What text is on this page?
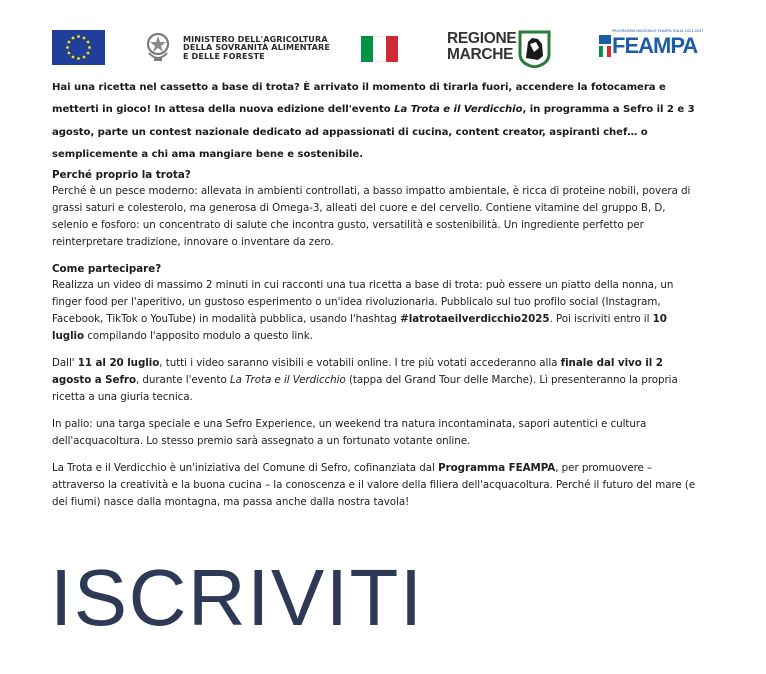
MINISTERO DELL'AGRICOLTURA
DELLA SOVRANITÀ ALIMENTARE
E DELLE FORESTE
REGIONE
MARCHE
PROGRAMMA NAZIONALE FEAMPA ITALIA 2021-2027
FEAMPA

Hai una ricetta nel cassetto a base di trota? È arrivato il momento di tirarla fuori, accendere la fotocamera e metterti in gioco! In attesa della nuova edizione dell'evento La Trota e il Verdicchio, in programma a Sefro il 2 e 3 agosto, parte un contest nazionale dedicato ad appassionati di cucina, content creator, aspiranti chef… o semplicemente a chi ama mangiare bene e sostenibile.

Perché proprio la trota?

Perché è un pesce moderno: allevata in ambienti controllati, a basso impatto ambientale, è ricca di proteine nobili, povera di grassi saturi e colesterolo, ma generosa di Omega-3, alleati del cuore e del cervello. Contiene vitamine del gruppo B, D, selenio e fosforo: un concentrato di salute che incontra gusto, versatilità e sostenibilità. Un ingrediente perfetto per reinterpretare tradizione, innovare o inventare da zero.

Come partecipare?

Realizza un video di massimo 2 minuti in cui racconti una tua ricetta a base di trota: può essere un piatto della nonna, un finger food per l'aperitivo, un gustoso esperimento o un'idea rivoluzionaria. Pubblicalo sul tuo profilo social (Instagram, Facebook, TikTok o YouTube) in modalità pubblica, usando l'hashtag #latrotaeilverdicchio2025. Poi iscriviti entro il 10 luglio compilando l'apposito modulo a questo link.

Dall' 11 al 20 luglio, tutti i video saranno visibili e votabili online. I tre più votati accederanno alla finale dal vivo il 2 agosto a Sefro, durante l'evento La Trota e il Verdicchio (tappa del Grand Tour delle Marche). Lì presenteranno la propria ricetta a una giuria tecnica.

In palio: una targa speciale e una Sefro Experience, un weekend tra natura incontaminata, sapori autentici e cultura dell'acquacoltura. Lo stesso premio sarà assegnato a un fortunato votante online.

La Trota e il Verdicchio è un'iniziativa del Comune di Sefro, cofinanziata dal Programma FEAMPA, per promuovere – attraverso la creatività e la buona cucina – la conoscenza e il valore della filiera dell'acquacoltura. Perché il futuro del mare (e dei fiumi) nasce dalla montagna, ma passa anche dalla nostra tavola!

ISCRIVITI
